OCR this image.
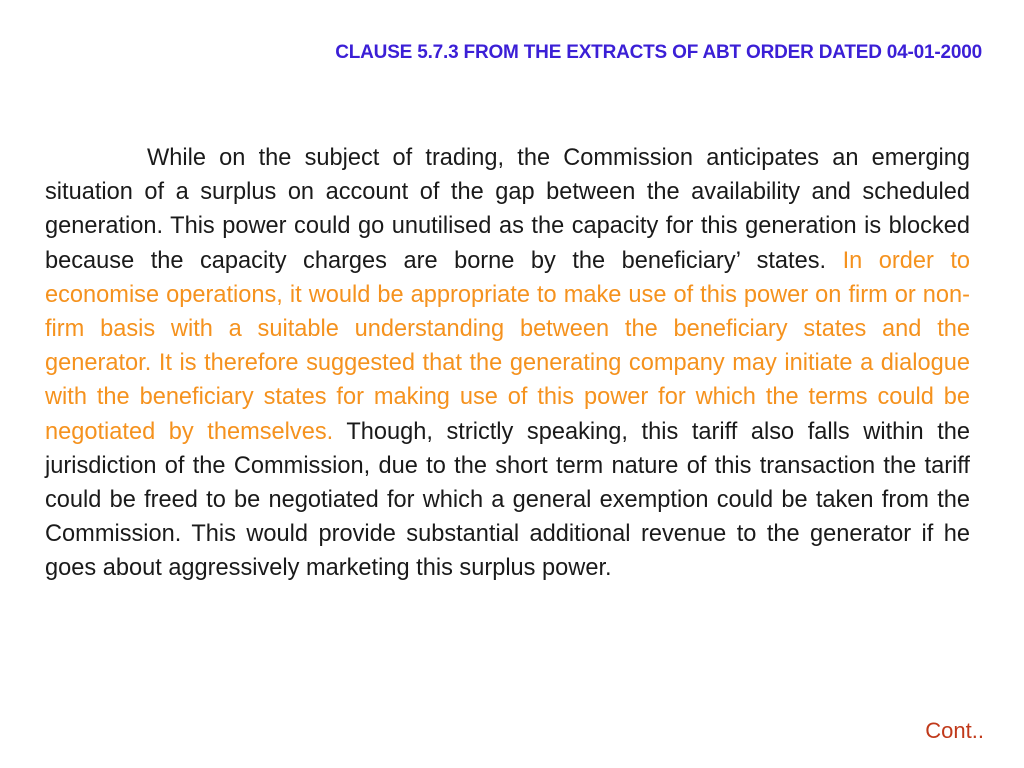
CLAUSE 5.7.3 FROM THE EXTRACTS OF ABT ORDER DATED 04-01-2000

While on the subject of trading, the Commission anticipates an emerging situation of a surplus on account of the gap between the availability and scheduled generation. This power could go unutilised as the capacity for this generation is blocked because the capacity charges are borne by the beneficiary’ states. In order to economise operations, it would be appropriate to make use of this power on firm or non-firm basis with a suitable understanding between the beneficiary states and the generator. It is therefore suggested that the generating company may initiate a dialogue with the beneficiary states for making use of this power for which the terms could be negotiated by themselves. Though, strictly speaking, this tariff also falls within the jurisdiction of the Commission, due to the short term nature of this transaction the tariff could be freed to be negotiated for which a general exemption could be taken from the Commission. This would provide substantial additional revenue to the generator if he goes about aggressively marketing this surplus power.

Cont..
